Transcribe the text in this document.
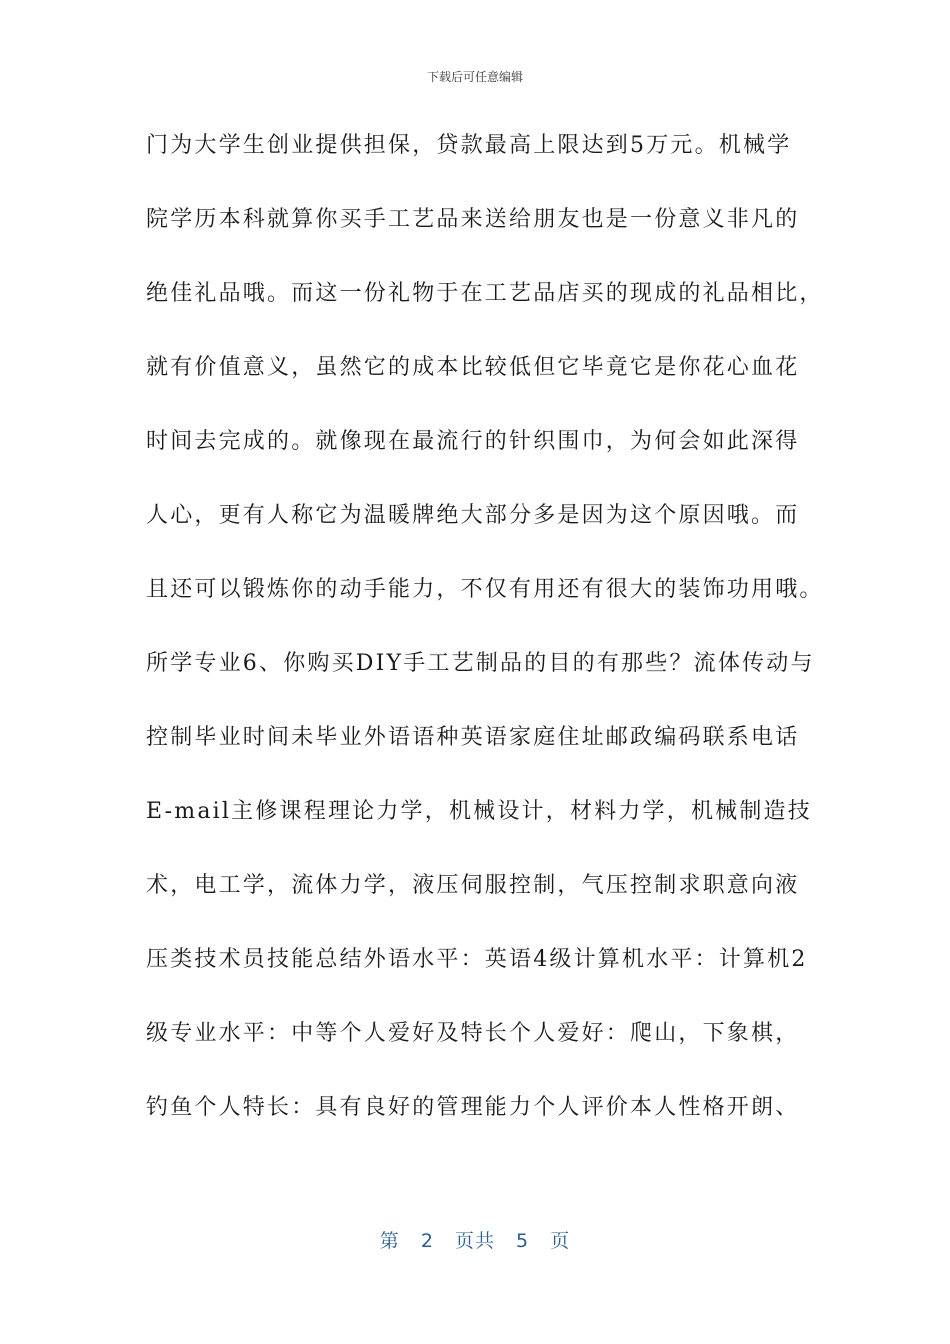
下载后可任意编辑
门为大学生创业提供担保，贷款最高上限达到5万元。机械学
院学历本科就算你买手工艺品来送给朋友也是一份意义非凡的
绝佳礼品哦。而这一份礼物于在工艺品店买的现成的礼品相比，
就有价值意义，虽然它的成本比较低但它毕竟它是你花心血花
时间去完成的。就像现在最流行的针织围巾，为何会如此深得
人心，更有人称它为温暖牌绝大部分多是因为这个原因哦。而
且还可以锻炼你的动手能力，不仅有用还有很大的装饰功用哦。
所学专业6、你购买DIY手工艺制品的目的有那些？流体传动与
控制毕业时间未毕业外语语种英语家庭住址邮政编码联系电话
E-mail主修课程理论力学，机械设计，材料力学，机械制造技
术，电工学，流体力学，液压伺服控制，气压控制求职意向液
压类技术员技能总结外语水平：英语4级计算机水平：计算机2
级专业水平：中等个人爱好及特长个人爱好：爬山，下象棋，
钓鱼个人特长：具有良好的管理能力个人评价本人性格开朗、
第 2 页共 5 页
